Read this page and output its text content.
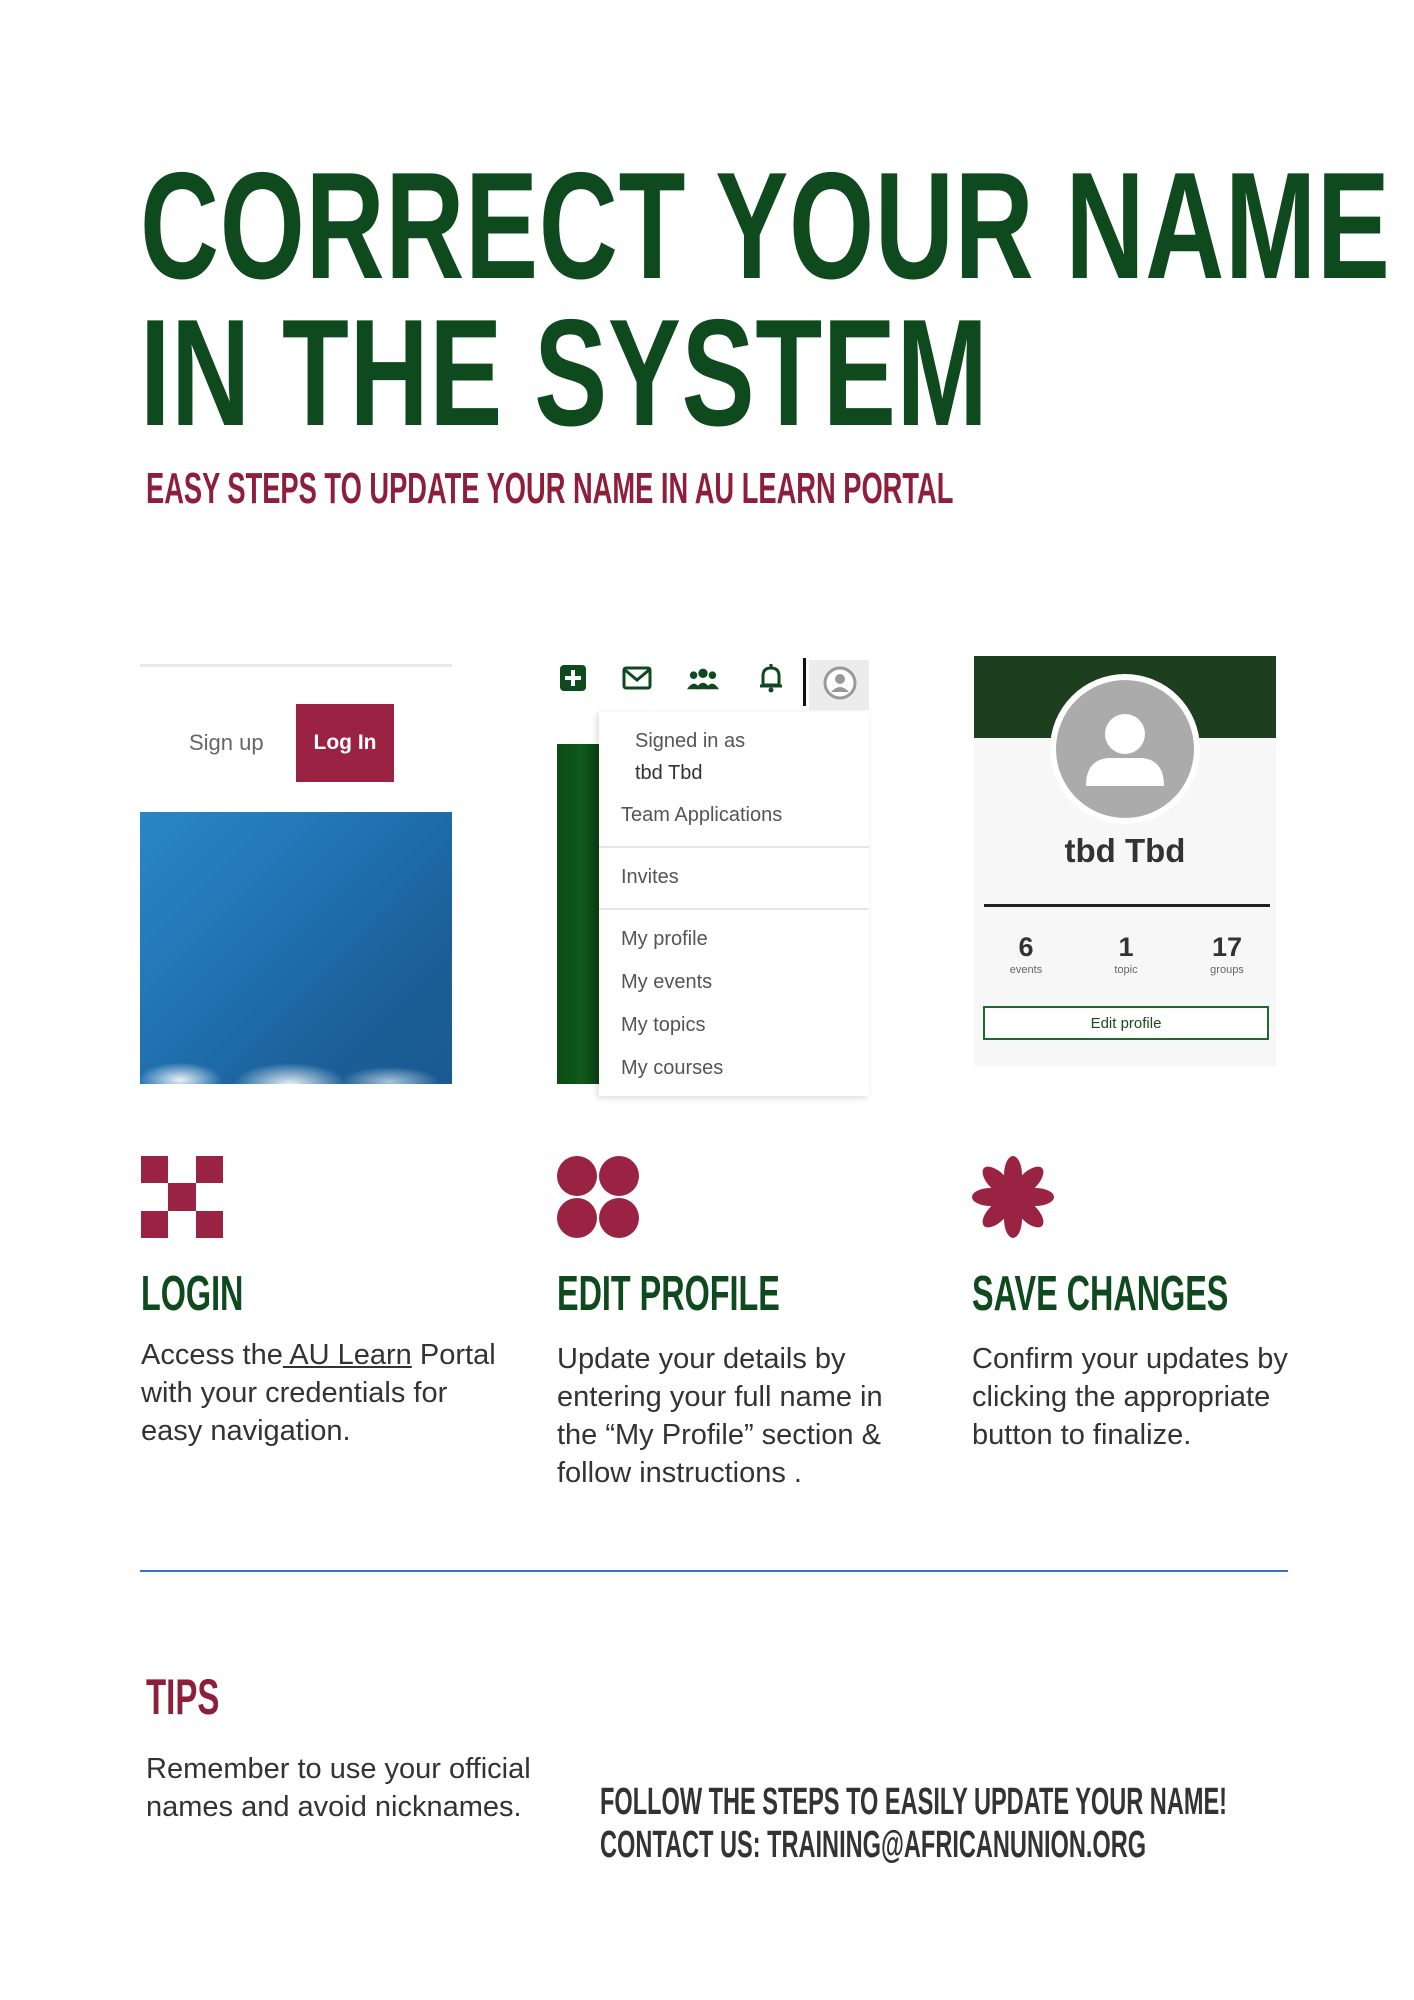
CORRECT YOUR NAME
IN THE SYSTEM
EASY STEPS TO UPDATE YOUR NAME IN AU LEARN PORTAL
Sign up	Log In	Signed in as
tbd Tbd
Team Applications
Invites
My profile
My events
My topics
My courses
tbd Tbd
6
events
1
topic
17
groups
Edit profile
LOGIN
Access the AU Learn Portal with your credentials for easy navigation.
EDIT PROFILE
Update your details by entering your full name in the “My Profile” section & follow instructions .
SAVE CHANGES
Confirm your updates by clicking the appropriate button to finalize.
TIPS
Remember to use your official names and avoid nicknames.	FOLLOW THE STEPS TO EASILY UPDATE YOUR NAME!
CONTACT US: TRAINING@AFRICANUNION.ORG
